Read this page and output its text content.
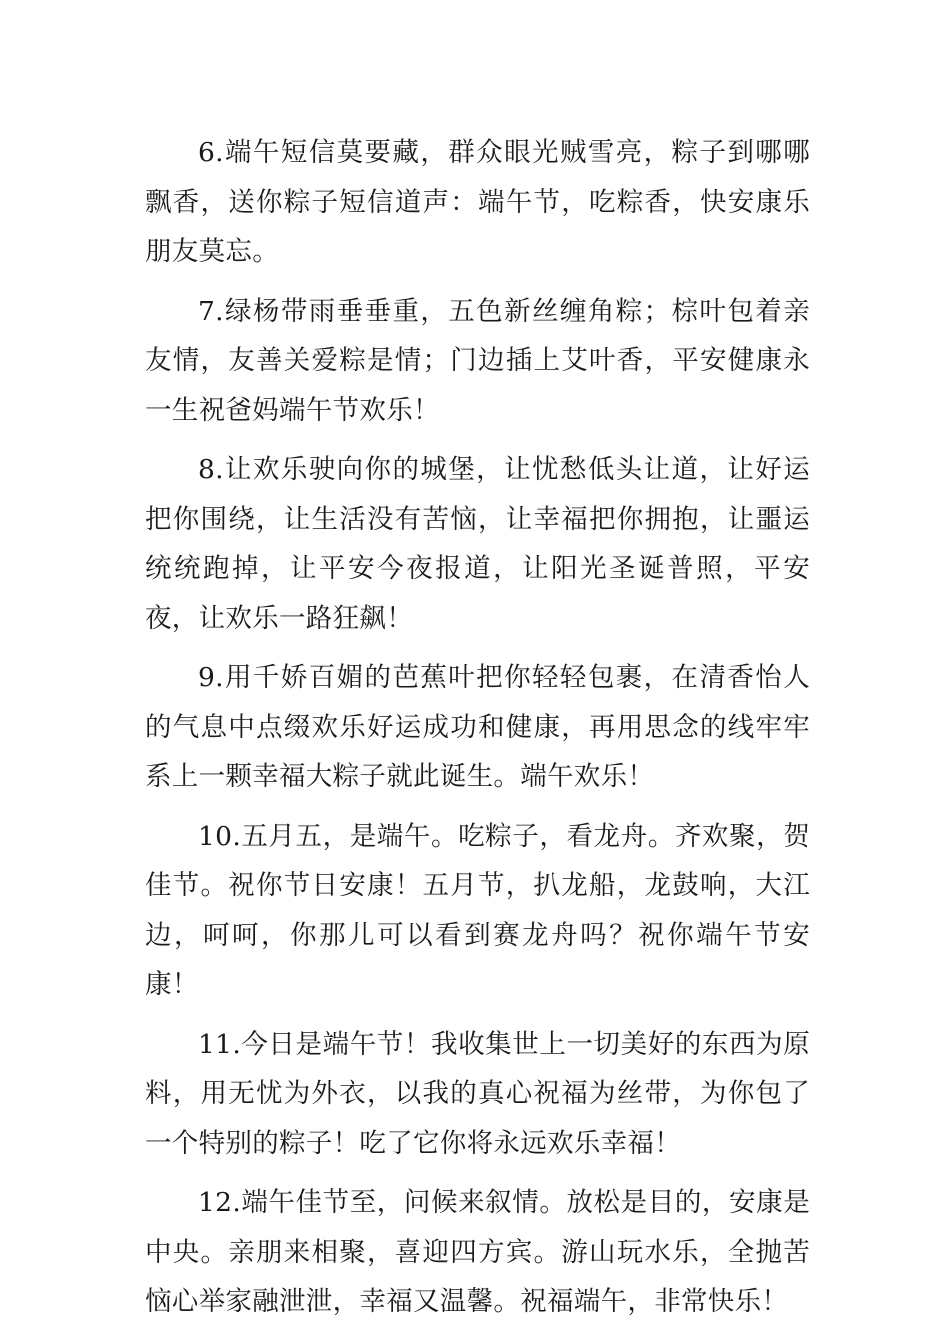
6.端午短信莫要藏，群众眼光贼雪亮，粽子到哪哪飘香，送你粽子短信道声：端午节，吃粽香，快安康乐朋友莫忘。

7.绿杨带雨垂垂重，五色新丝缠角粽；棕叶包着亲友情，友善关爱粽是情；门边插上艾叶香，平安健康永一生祝爸妈端午节欢乐！

8.让欢乐驶向你的城堡，让忧愁低头让道，让好运把你围绕，让生活没有苦恼，让幸福把你拥抱，让噩运统统跑掉，让平安今夜报道，让阳光圣诞普照，平安夜，让欢乐一路狂飙！

9.用千娇百媚的芭蕉叶把你轻轻包裹，在清香怡人的气息中点缀欢乐好运成功和健康，再用思念的线牢牢系上一颗幸福大粽子就此诞生。端午欢乐！

10.五月五，是端午。吃粽子，看龙舟。齐欢聚，贺佳节。祝你节日安康！五月节，扒龙船，龙鼓响，大江边，呵呵，你那儿可以看到赛龙舟吗？祝你端午节安康！

11.今日是端午节！我收集世上一切美好的东西为原料，用无忧为外衣，以我的真心祝福为丝带，为你包了一个特别的粽子！吃了它你将永远欢乐幸福！

12.端午佳节至，问候来叙情。放松是目的，安康是中央。亲朋来相聚，喜迎四方宾。游山玩水乐，全抛苦恼心举家融泄泄，幸福又温馨。祝福端午，非常快乐！
